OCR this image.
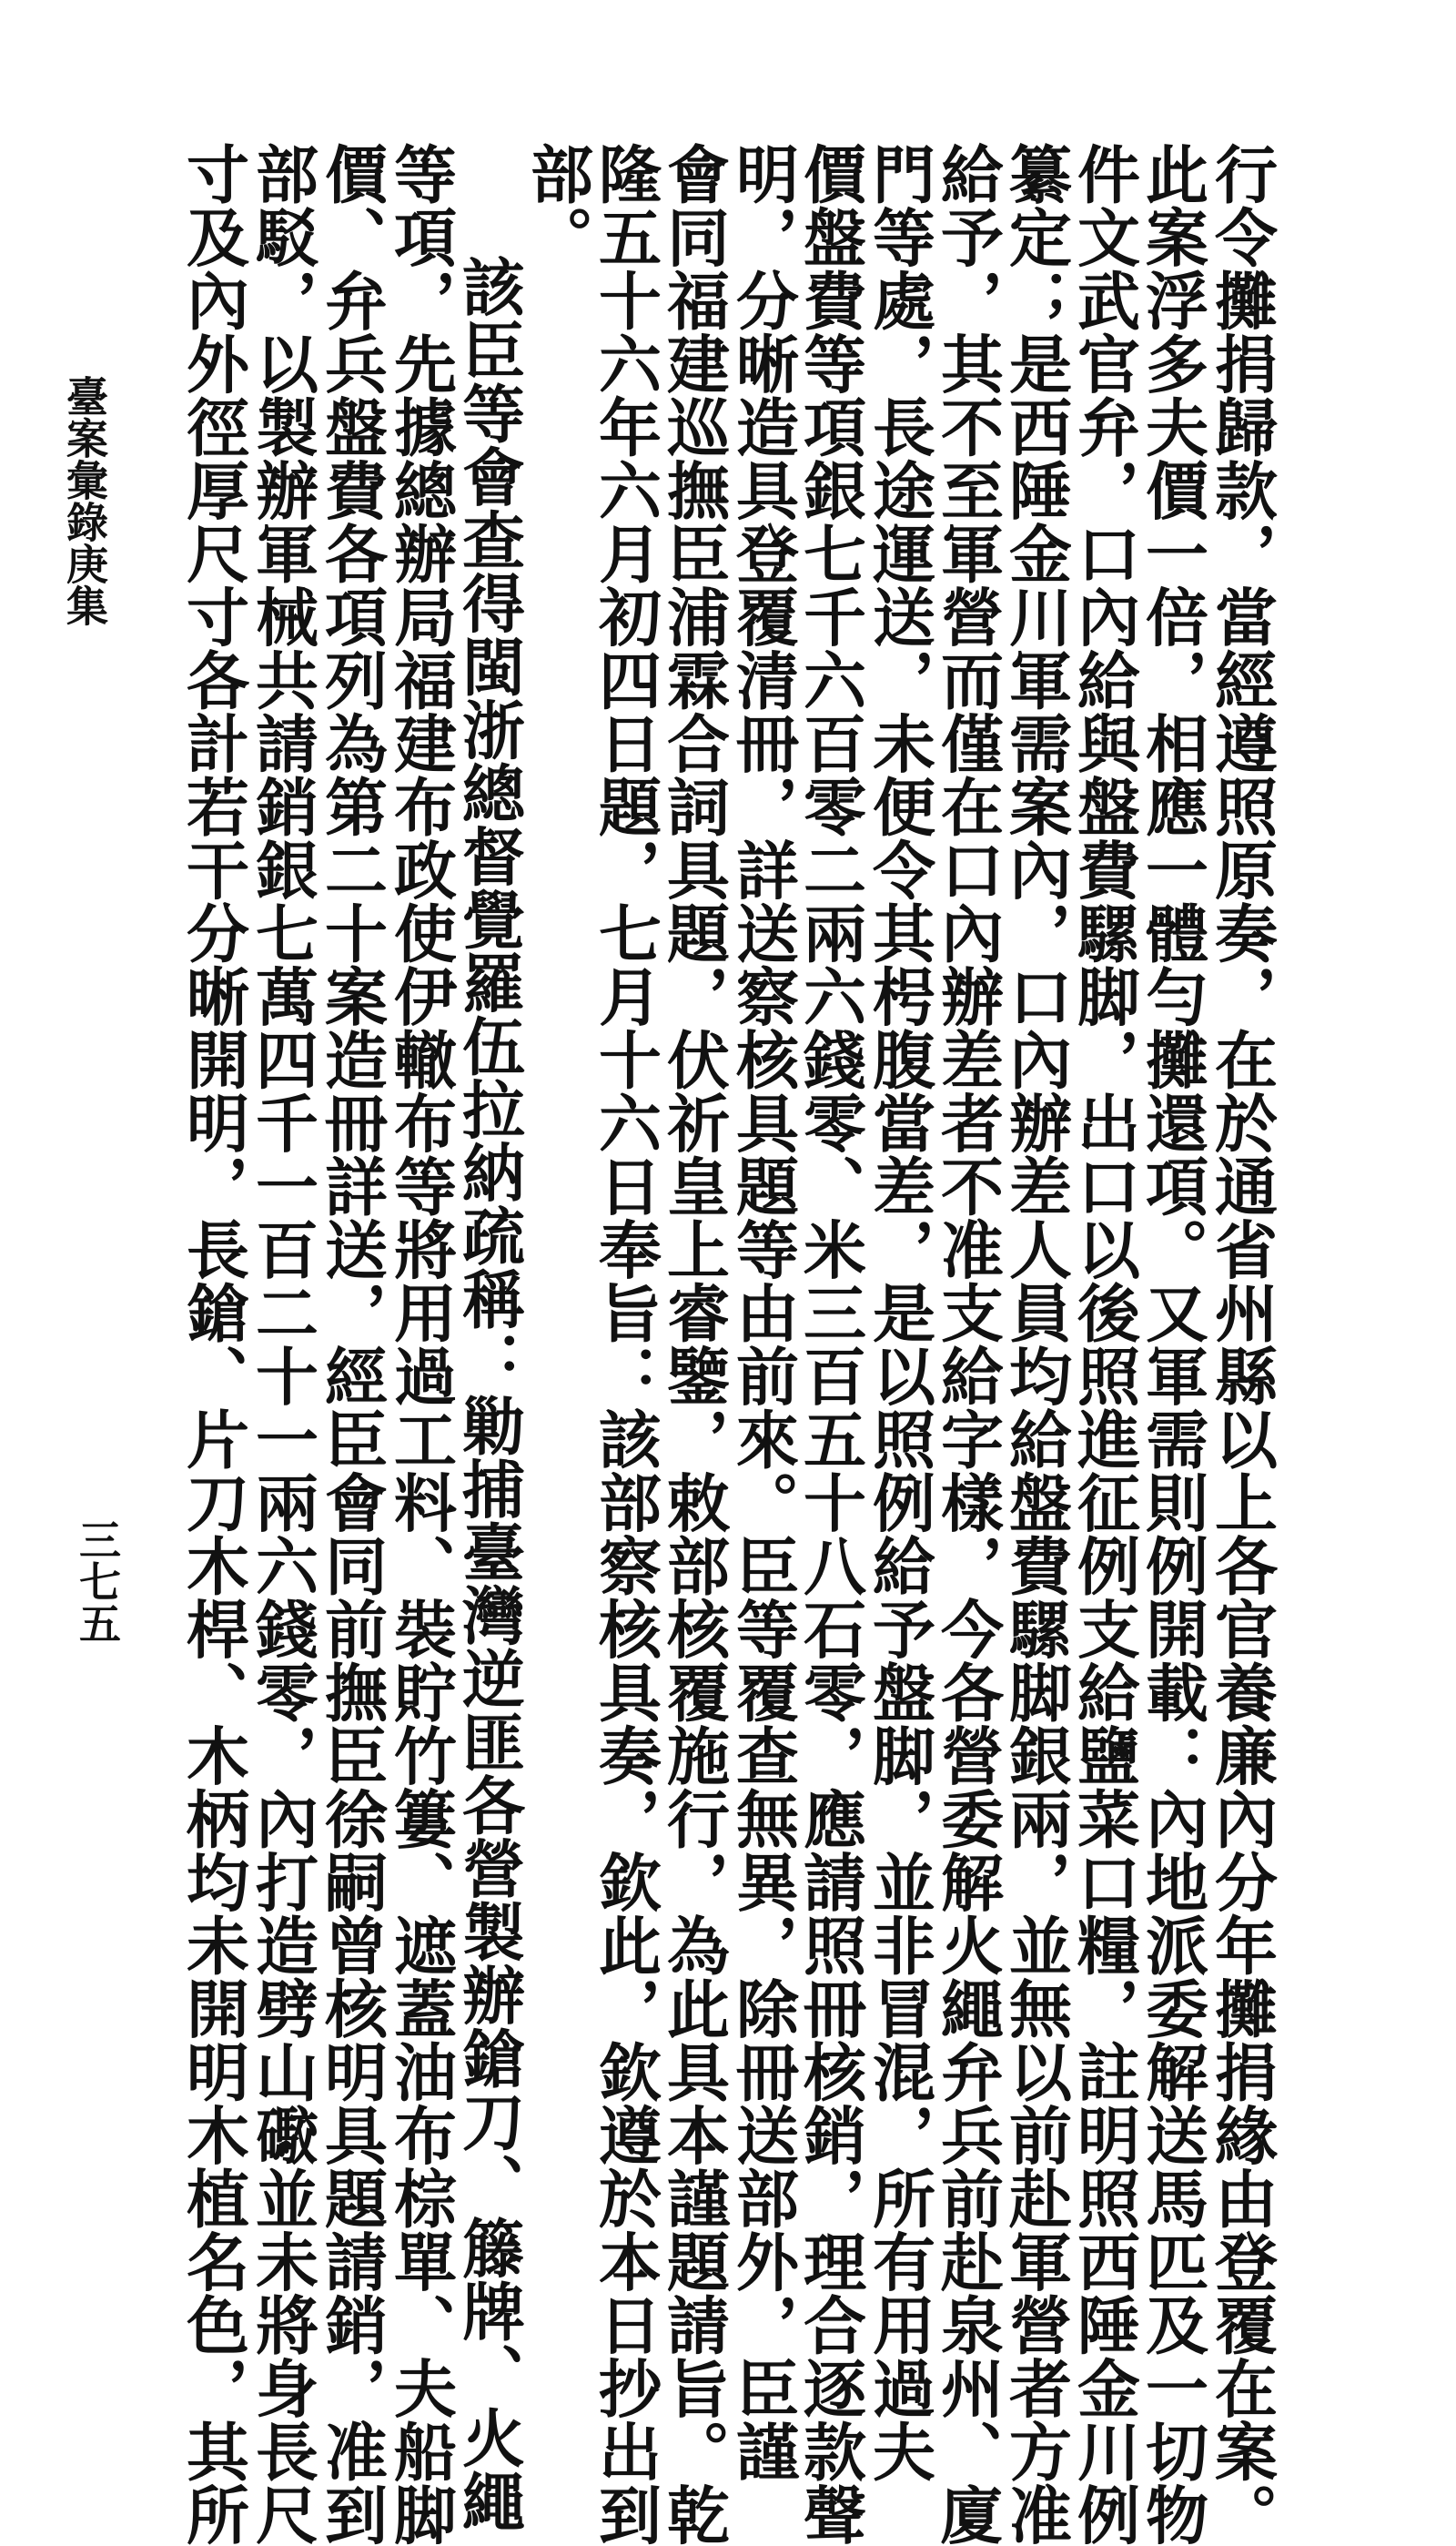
行令攤捐歸款，當經遵照原奏，在於通省州縣以上各官養廉內分年攤捐緣由登覆在案。
此案浮多夫價一倍，相應一體勻攤還項。又軍需則例開載：內地派委解送馬匹及一切物
件文武官弁，口內給與盤費騾脚，出口以後照進征例支給鹽菜口糧，註明照西陲金川例
纂定；是西陲金川軍需案內，口內辦差人員均給盤費騾脚銀兩，並無以前赴軍營者方准
給予，其不至軍營而僅在口內辦差者不准支給字樣，今各營委解火繩弁兵前赴泉州、廈
門等處，長途運送，未便令其枵腹當差，是以照例給予盤脚，並非冒混，所有用過夫
價盤費等項銀七千六百零二兩六錢零、米三百五十八石零，應請照冊核銷，理合逐款聲
明，分晰造具登覆清冊，詳送察核具題等由前來。臣等覆查無異，除冊送部外，臣謹
會同福建巡撫臣浦霖合詞具題，伏祈皇上睿鑒，敕部核覆施行，為此具本謹題請旨。乾
隆五十六年六月初四日題，七月十六日奉旨：該部察核具奏，欽此，欽遵於本日抄出到
部。
該臣等會查得閩浙總督覺羅伍拉納疏稱：勦捕臺灣逆匪各營製辦鎗刀、籐牌、火繩
等項，先據總辦局福建布政使伊轍布等將用過工料、裝貯竹簍、遮蓋油布棕單、夫船脚
價、弁兵盤費各項列為第二十案造冊詳送，經臣會同前撫臣徐嗣曾核明具題請銷，准到
部駁，以製辦軍械共請銷銀七萬四千一百二十一兩六錢零，內打造劈山礮並未將身長尺
寸及內外徑厚尺寸各計若干分晰開明，長鎗、片刀木桿、木柄均未開明木植名色，其所
臺案彙錄庚集
三七五
